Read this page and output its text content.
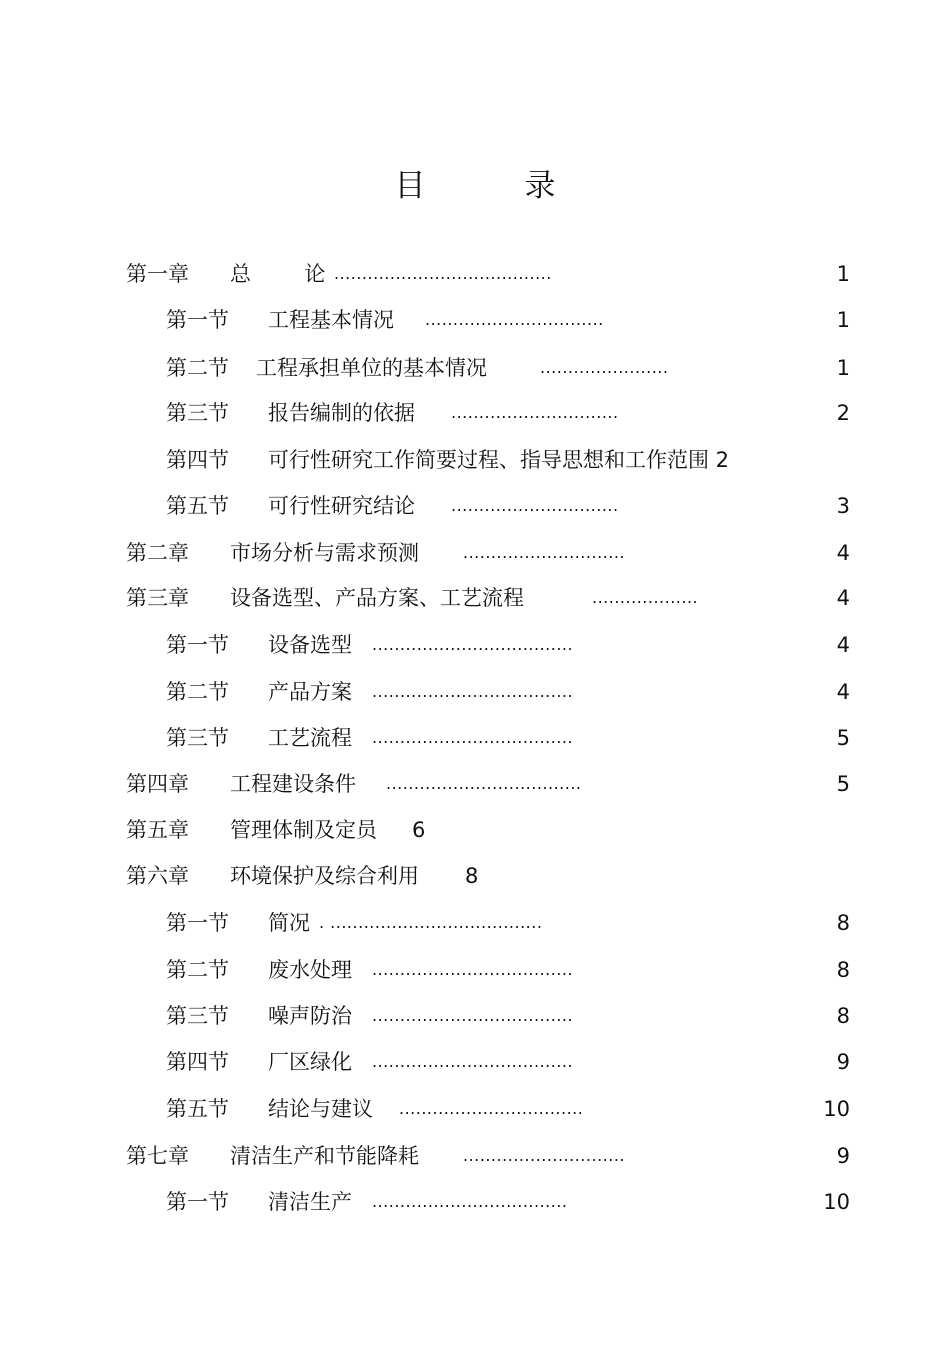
目　录
第一章 总        论 .......................................	1
第一节 工程基本情况 ................................	1
第二节 工程承担单位的基本情况	.......................	1
第三节 报告编制的依据 ..............................	2
第四节 可行性研究工作简要过程、指导思想和工作范围 2
第五节 可行性研究结论 ..............................	3
第二章 市场分析与需求预测	.............................	4
第三章 设备选型、产品方案、工艺流程	...................	4
第一节 设备选型 ....................................	4
第二节 产品方案 ....................................	4
第三节 工艺流程 ....................................	5
第四章 工程建设条件 ...................................	5
第五章 管理体制及定员 6
第六章 环境保护及综合利用 8
第一节 简况 . ......................................	8
第二节 废水处理 ....................................	8
第三节 噪声防治 ....................................	8
第四节 厂区绿化 ....................................	9
第五节 结论与建议 .................................	10
第七章 清洁生产和节能降耗	.............................	9
第一节 清洁生产 ...................................	10
